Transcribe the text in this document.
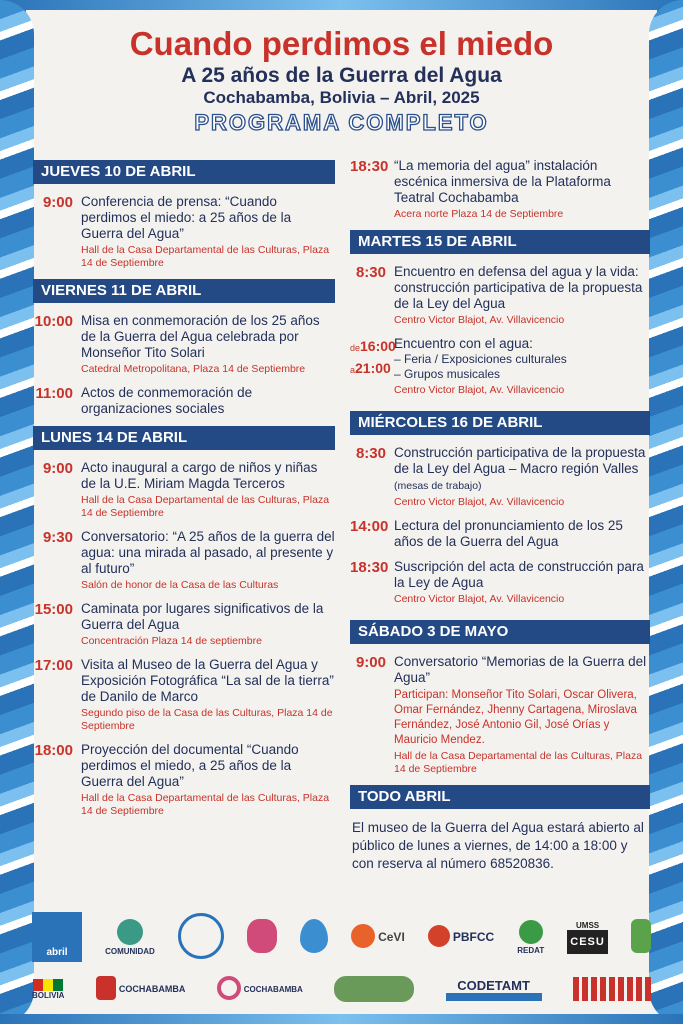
Cuando perdimos el miedo
A 25 años de la Guerra del Agua
Cochabamba, Bolivia – Abril, 2025
PROGRAMA COMPLETO
JUEVES 10 DE ABRIL
9:00 Conferencia de prensa: “Cuando perdimos el miedo: a 25 años de la Guerra del Agua”
Hall de la Casa Departamental de las Culturas, Plaza 14 de Septiembre
VIERNES 11 DE ABRIL
10:00 Misa en conmemoración de los 25 años de la Guerra del Agua celebrada por Monseñor Tito Solari
Catedral Metropolitana, Plaza 14 de Septiembre
11:00 Actos de conmemoración de organizaciones sociales
LUNES 14 DE ABRIL
9:00 Acto inaugural a cargo de niños y niñas de la U.E. Miriam Magda Terceros
Hall de la Casa Departamental de las Culturas, Plaza 14 de Septiembre
9:30 Conversatorio: “A 25 años de la guerra del agua: una mirada al pasado, al presente y al futuro”
Salón de honor de la Casa de las Culturas
15:00 Caminata por lugares significativos de la Guerra del Agua
Concentración Plaza 14 de septiembre
17:00 Visita al Museo de la Guerra del Agua y Exposición Fotográfica “La sal de la tierra” de Danilo de Marco
Segundo piso de la Casa de las Culturas, Plaza 14 de Septiembre
18:00 Proyección del documental “Cuando perdimos el miedo, a 25 años de la Guerra del Agua”
Hall de la Casa Departamental de las Culturas, Plaza 14 de Septiembre
18:30 “La memoria del agua” instalación escénica inmersiva de la Plataforma Teatral Cochabamba
Acera norte Plaza 14 de Septiembre
MARTES 15 DE ABRIL
8:30 Encuentro en defensa del agua y la vida: construcción participativa de la propuesta de la Ley del Agua
Centro Victor Blajot, Av. Villavicencio
de16:00
a21:00
Encuentro con el agua:
– Feria / Exposiciones culturales
– Grupos musicales
Centro Victor Blajot, Av. Villavicencio
MIÉRCOLES 16 DE ABRIL
8:30 Construcción participativa de la propuesta de la Ley del Agua – Macro región Valles (mesas de trabajo)
Centro Victor Blajot, Av. Villavicencio
14:00 Lectura del pronunciamiento de los 25 años de la Guerra del Agua
18:30 Suscripción del acta de construcción para la Ley de Agua
Centro Victor Blajot, Av. Villavicencio
SÁBADO 3 DE MAYO
9:00 Conversatorio “Memorias de la Guerra del Agua”
Participan: Monseñor Tito Solari, Oscar Olivera, Omar Fernández, Jhenny Cartagena, Miroslava Fernández, José Antonio Gil, José Orías y Mauricio Mendez.
Hall de la Casa Departamental de las Culturas, Plaza 14 de Septiembre
TODO ABRIL
El museo de la Guerra del Agua estará abierto al público de lunes a viernes, de 14:00 a 18:00 y con reserva al número 68520836.
abril	COMUNIDAD
CeVI	PBFCC
REDAT
UMSS
CESU
BOLIVIA
COCHABAMBA	COCHABAMBA	CODETAMT
